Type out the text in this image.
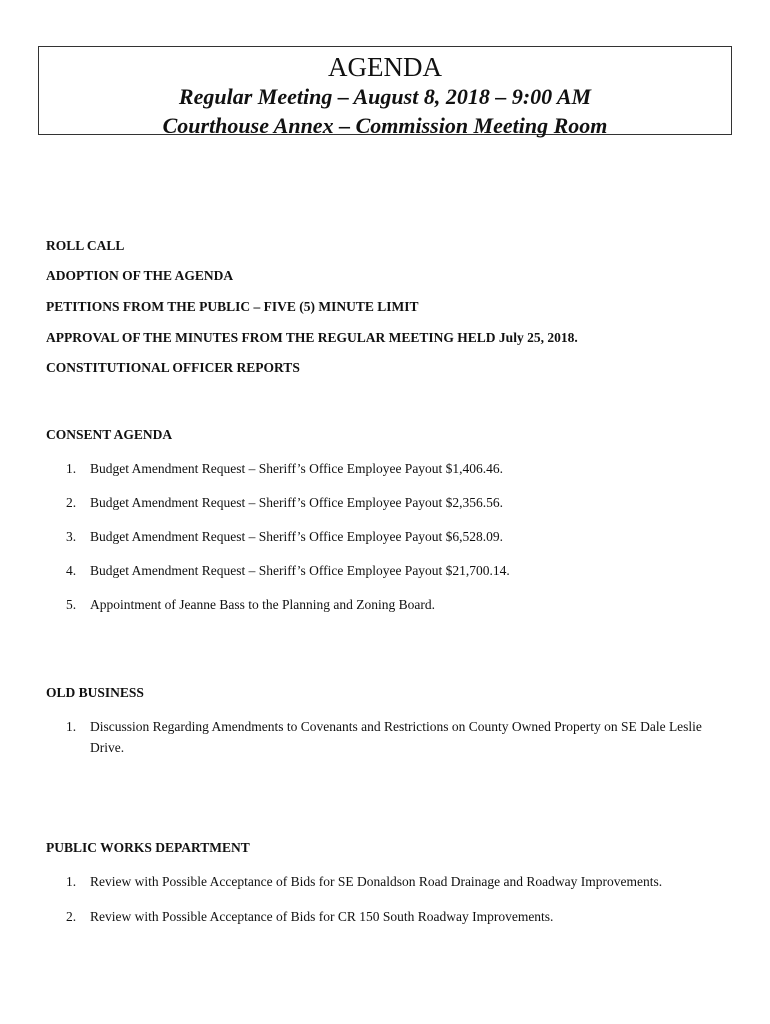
AGENDA
Regular Meeting – August 8, 2018 – 9:00 AM
Courthouse Annex – Commission Meeting Room
ROLL CALL
ADOPTION OF THE AGENDA
PETITIONS FROM THE PUBLIC – FIVE (5) MINUTE LIMIT
APPROVAL OF THE MINUTES FROM THE REGULAR MEETING HELD July 25, 2018.
CONSTITUTIONAL OFFICER REPORTS
CONSENT AGENDA
1.	Budget Amendment Request – Sheriff’s Office Employee Payout $1,406.46.
2.	Budget Amendment Request – Sheriff’s Office Employee Payout $2,356.56.
3.	Budget Amendment Request – Sheriff’s Office Employee Payout $6,528.09.
4.	Budget Amendment Request – Sheriff’s Office Employee Payout $21,700.14.
5.	Appointment of Jeanne Bass to the Planning and Zoning Board.
OLD BUSINESS
1.	Discussion Regarding Amendments to Covenants and Restrictions on County Owned Property on SE Dale Leslie Drive.
PUBLIC WORKS DEPARTMENT
1.	Review with Possible Acceptance of Bids for SE Donaldson Road Drainage and Roadway Improvements.
2.	Review with Possible Acceptance of Bids for CR 150 South Roadway Improvements.
